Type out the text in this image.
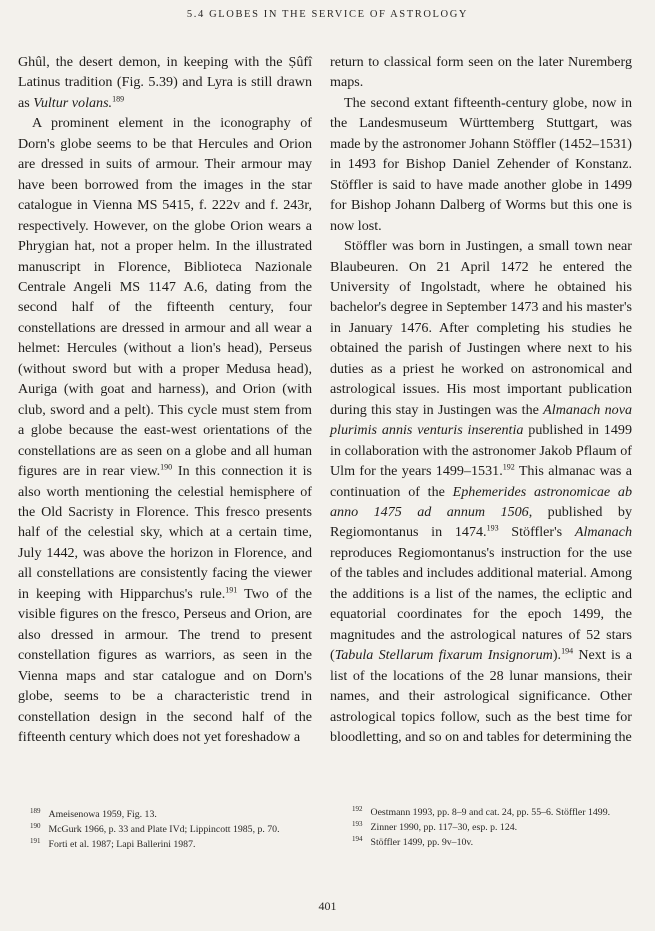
5.4 GLOBES IN THE SERVICE OF ASTROLOGY

Ghûl, the desert demon, in keeping with the Ṣûfî Latinus tradition (Fig. 5.39) and Lyra is still drawn as Vultur volans.$^{189}$

A prominent element in the iconography of Dorn's globe seems to be that Hercules and Orion are dressed in suits of armour. Their armour may have been borrowed from the images in the star catalogue in Vienna MS 5415, f. 222v and f. 243r, respectively. However, on the globe Orion wears a Phrygian hat, not a proper helm. In the illustrated manuscript in Florence, Biblioteca Nazionale Centrale Angeli MS 1147 A.6, dating from the second half of the fifteenth century, four constellations are dressed in armour and all wear a helmet: Hercules (without a lion's head), Perseus (without sword but with a proper Medusa head), Auriga (with goat and harness), and Orion (with club, sword and a pelt). This cycle must stem from a globe because the east-west orientations of the constellations are as seen on a globe and all human figures are in rear view.$^{190}$ In this connection it is also worth mentioning the celestial hemisphere of the Old Sacristy in Florence. This fresco presents half of the celestial sky, which at a certain time, July 1442, was above the horizon in Florence, and all constellations are consistently facing the viewer in keeping with Hipparchus's rule.$^{191}$ Two of the visible figures on the fresco, Perseus and Orion, are also dressed in armour. The trend to present constellation figures as warriors, as seen in the Vienna maps and star catalogue and on Dorn's globe, seems to be a characteristic trend in constellation design in the second half of the fifteenth century which does not yet foreshadow a

return to classical form seen on the later Nuremberg maps.

The second extant fifteenth-century globe, now in the Landesmuseum Württemberg Stuttgart, was made by the astronomer Johann Stöffler (1452–1531) in 1493 for Bishop Daniel Zehender of Konstanz. Stöffler is said to have made another globe in 1499 for Bishop Johann Dalberg of Worms but this one is now lost.

Stöffler was born in Justingen, a small town near Blaubeuren. On 21 April 1472 he entered the University of Ingolstadt, where he obtained his bachelor's degree in September 1473 and his master's in January 1476. After completing his studies he obtained the parish of Justingen where next to his duties as a priest he worked on astronomical and astrological issues. His most important publication during this stay in Justingen was the Almanach nova plurimis annis venturis inserentia published in 1499 in collaboration with the astronomer Jakob Pflaum of Ulm for the years 1499–1531.$^{192}$ This almanac was a continuation of the Ephemerides astronomicae ab anno 1475 ad annum 1506, published by Regiomontanus in 1474.$^{193}$ Stöffler's Almanach reproduces Regiomontanus's instruction for the use of the tables and includes additional material. Among the additions is a list of the names, the ecliptic and equatorial coordinates for the epoch 1499, the magnitudes and the astrological natures of 52 stars (Tabula Stellarum fixarum Insignorum).$^{194}$ Next is a list of the locations of the 28 lunar mansions, their names, and their astrological significance. Other astrological topics follow, such as the best time for bloodletting, and so on and tables for determining the

$^{189}$ Ameisenowa 1959, Fig. 13.
$^{190}$ McGurk 1966, p. 33 and Plate IVd; Lippincott 1985, p. 70.
$^{191}$ Forti et al. 1987; Lapi Ballerini 1987.
$^{192}$ Oestmann 1993, pp. 8–9 and cat. 24, pp. 55–6. Stöffler 1499.
$^{193}$ Zinner 1990, pp. 117–30, esp. p. 124.
$^{194}$ Stöffler 1499, pp. 9v–10v.
401
